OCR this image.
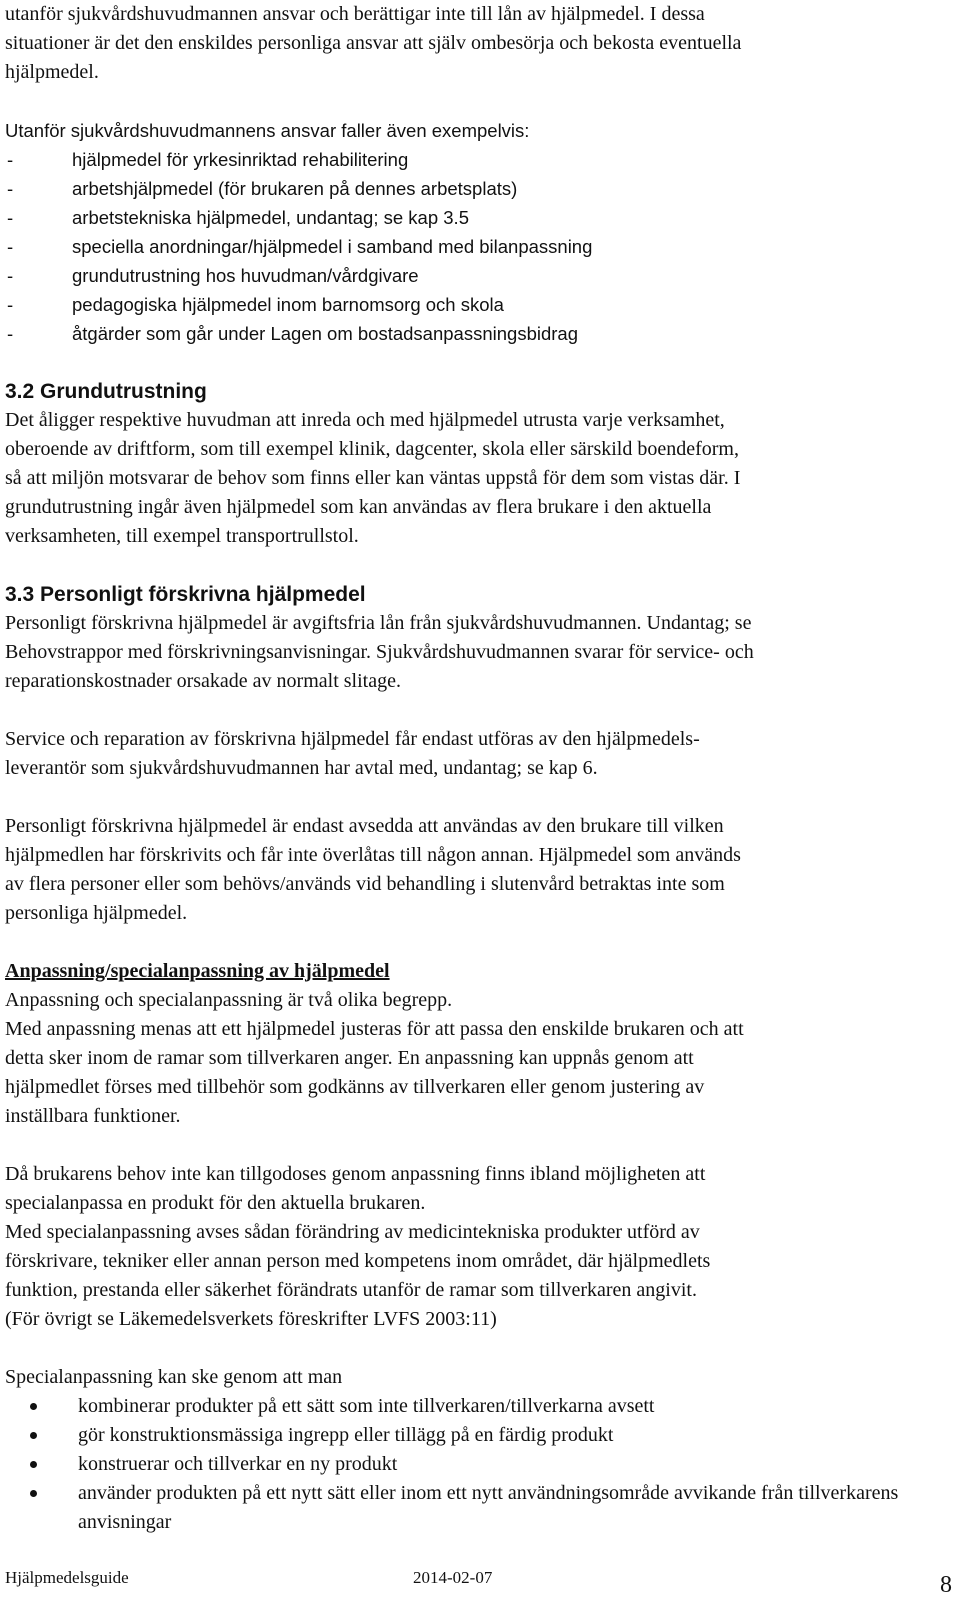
utanför sjukvårdshuvudmannen ansvar och berättigar inte till lån av hjälpmedel. I dessa

situationer är det den enskildes personliga ansvar att själv ombesörja och bekosta eventuella

hjälpmedel.

Utanför sjukvårdshuvudmannens ansvar faller även exempelvis:

-	hjälpmedel för yrkesinriktad rehabilitering
-	arbetshjälpmedel (för brukaren på dennes arbetsplats)
-	arbetstekniska hjälpmedel, undantag; se kap 3.5
-	speciella anordningar/hjälpmedel i samband med bilanpassning
-	grundutrustning hos huvudman/vårdgivare
-	pedagogiska hjälpmedel inom barnomsorg och skola
-	åtgärder som går under Lagen om bostadsanpassningsbidrag
3.2 Grundutrustning

Det åligger respektive huvudman att inreda och med hjälpmedel utrusta varje verksamhet,

oberoende av driftform, som till exempel klinik, dagcenter, skola eller särskild boendeform,

så att miljön motsvarar de behov som finns eller kan väntas uppstå för dem som vistas där. I

grundutrustning ingår även hjälpmedel som kan användas av flera brukare i den aktuella

verksamheten, till exempel transportrullstol.

3.3 Personligt förskrivna hjälpmedel

Personligt förskrivna hjälpmedel är avgiftsfria lån från sjukvårdshuvudmannen. Undantag; se

Behovstrappor med förskrivningsanvisningar. Sjukvårdshuvudmannen svarar för service- och

reparationskostnader orsakade av normalt slitage.

Service och reparation av förskrivna hjälpmedel får endast utföras av den hjälpmedels-

leverantör som sjukvårdshuvudmannen har avtal med, undantag; se kap 6.

Personligt förskrivna hjälpmedel är endast avsedda att användas av den brukare till vilken

hjälpmedlen har förskrivits och får inte överlåtas till någon annan. Hjälpmedel som används

av flera personer eller som behövs/används vid behandling i slutenvård betraktas inte som

personliga hjälpmedel.

Anpassning/specialanpassning av hjälpmedel

Anpassning och specialanpassning är två olika begrepp.

Med anpassning menas att ett hjälpmedel justeras för att passa den enskilde brukaren och att

detta sker inom de ramar som tillverkaren anger. En anpassning kan uppnås genom att

hjälpmedlet förses med tillbehör som godkänns av tillverkaren eller genom justering av

inställbara funktioner.

Då brukarens behov inte kan tillgodoses genom anpassning finns ibland möjligheten att

specialanpassa en produkt för den aktuella brukaren.

Med specialanpassning avses sådan förändring av medicintekniska produkter utförd av

förskrivare, tekniker eller annan person med kompetens inom området, där hjälpmedlets

funktion, prestanda eller säkerhet förändrats utanför de ramar som tillverkaren angivit.

(För övrigt se Läkemedelsverkets föreskrifter LVFS 2003:11)

Specialanpassning kan ske genom att man

kombinerar produkter på ett sätt som inte tillverkaren/tillverkarna avsett
gör konstruktionsmässiga ingrepp eller tillägg på en färdig produkt
konstruerar och tillverkar en ny produkt
använder produkten på ett nytt sätt eller inom ett nytt användningsområde avvikande från tillverkarens anvisningar
Hjälpmedelsguide	2014-02-07	8
